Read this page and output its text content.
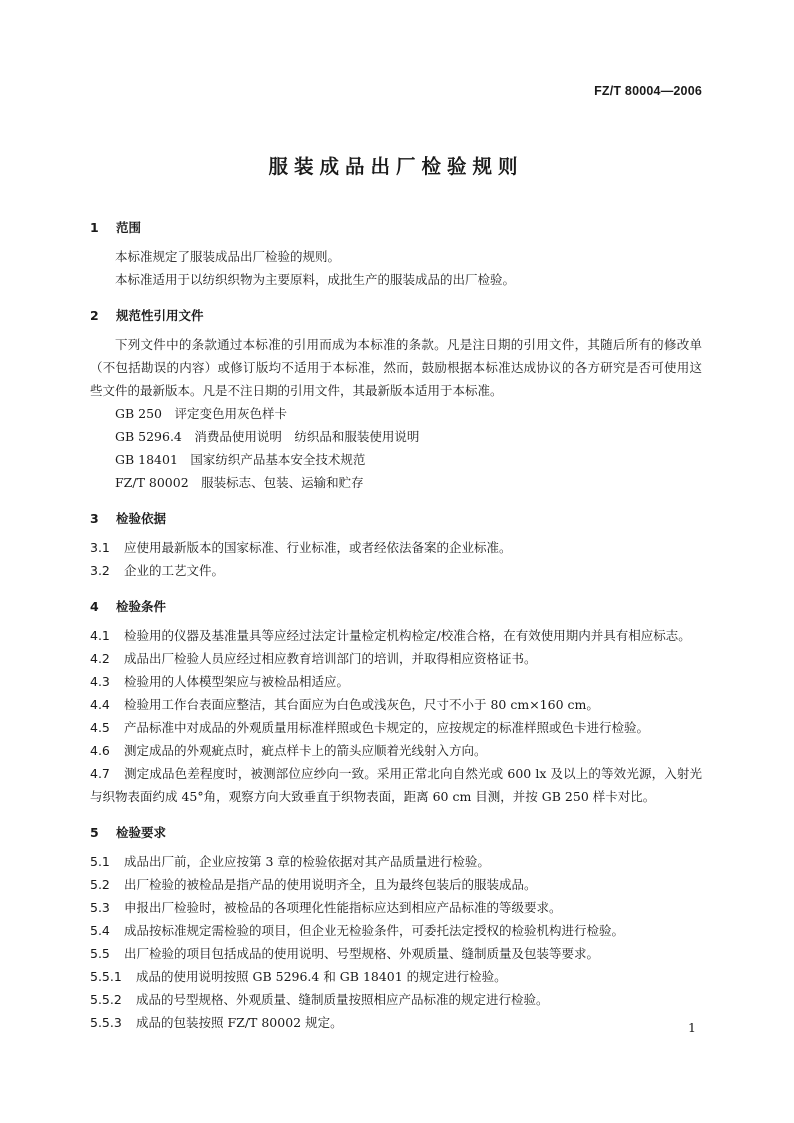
FZ/T 80004—2006
服装成品出厂检验规则
1 范围

本标准规定了服装成品出厂检验的规则。

本标准适用于以纺织织物为主要原料，成批生产的服装成品的出厂检验。

2 规范性引用文件

下列文件中的条款通过本标准的引用而成为本标准的条款。凡是注日期的引用文件，其随后所有的修改单（不包括勘误的内容）或修订版均不适用于本标准，然而，鼓励根据本标准达成协议的各方研究是否可使用这些文件的最新版本。凡是不注日期的引用文件，其最新版本适用于本标准。

GB 250　评定变色用灰色样卡

GB 5296.4　消费品使用说明　纺织品和服装使用说明

GB 18401　国家纺织产品基本安全技术规范

FZ/T 80002　服装标志、包装、运输和贮存

3 检验依据

3.1 应使用最新版本的国家标准、行业标准，或者经依法备案的企业标准。

3.2 企业的工艺文件。

4 检验条件

4.1 检验用的仪器及基准量具等应经过法定计量检定机构检定/校准合格，在有效使用期内并具有相应标志。

4.2 成品出厂检验人员应经过相应教育培训部门的培训，并取得相应资格证书。

4.3 检验用的人体模型架应与被检品相适应。

4.4 检验用工作台表面应整洁，其台面应为白色或浅灰色，尺寸不小于 80 cm×160 cm。

4.5 产品标准中对成品的外观质量用标准样照或色卡规定的，应按规定的标准样照或色卡进行检验。

4.6 测定成品的外观疵点时，疵点样卡上的箭头应顺着光线射入方向。

4.7 测定成品色差程度时，被测部位应纱向一致。采用正常北向自然光或 600 lx 及以上的等效光源，入射光与织物表面约成 45°角，观察方向大致垂直于织物表面，距离 60 cm 目测，并按 GB 250 样卡对比。

5 检验要求

5.1 成品出厂前，企业应按第 3 章的检验依据对其产品质量进行检验。

5.2 出厂检验的被检品是指产品的使用说明齐全，且为最终包装后的服装成品。

5.3 申报出厂检验时，被检品的各项理化性能指标应达到相应产品标准的等级要求。

5.4 成品按标准规定需检验的项目，但企业无检验条件，可委托法定授权的检验机构进行检验。

5.5 出厂检验的项目包括成品的使用说明、号型规格、外观质量、缝制质量及包装等要求。

5.5.1 成品的使用说明按照 GB 5296.4 和 GB 18401 的规定进行检验。

5.5.2 成品的号型规格、外观质量、缝制质量按照相应产品标准的规定进行检验。

5.5.3 成品的包装按照 FZ/T 80002 规定。	1
